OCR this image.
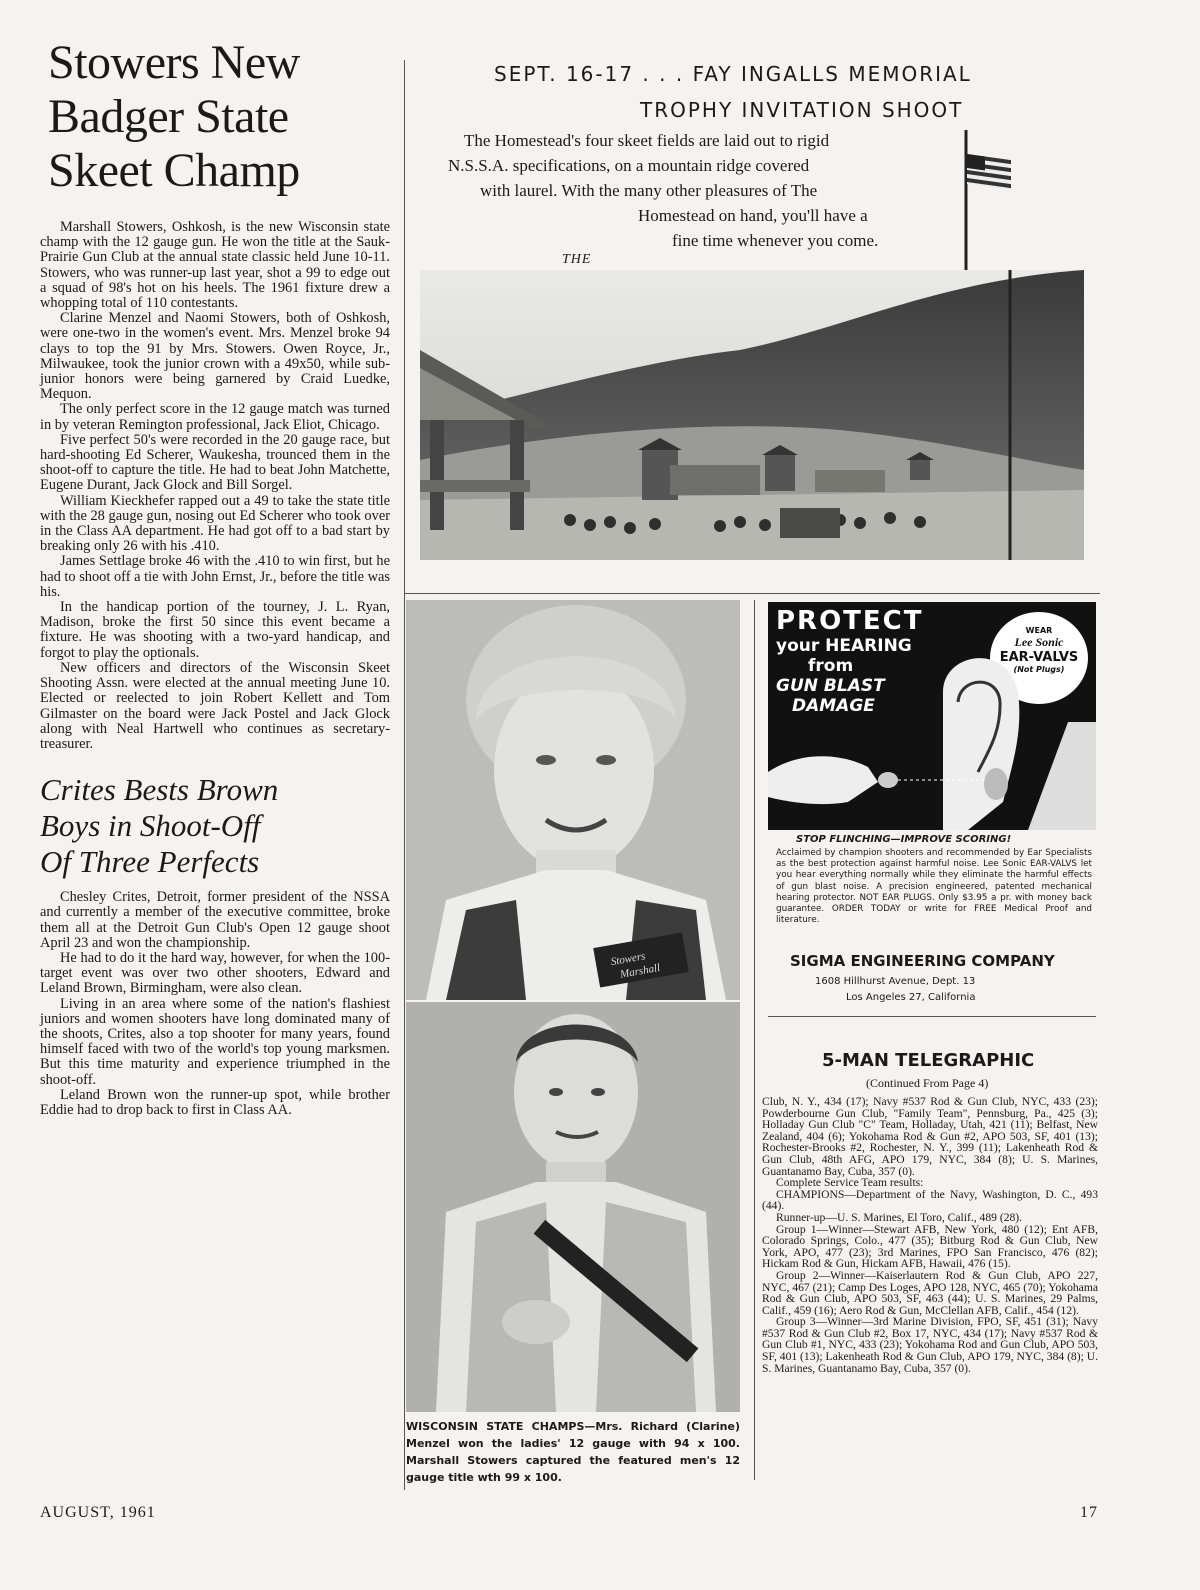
Stowers New
Badger State
Skeet Champ

Marshall Stowers, Oshkosh, is the new Wisconsin state champ with the 12 gauge gun. He won the title at the Sauk-Prairie Gun Club at the annual state classic held June 10-11. Stowers, who was runner-up last year, shot a 99 to edge out a squad of 98's hot on his heels. The 1961 fixture drew a whopping total of 110 contestants.

Clarine Menzel and Naomi Stowers, both of Oshkosh, were one-two in the women's event. Mrs. Menzel broke 94 clays to top the 91 by Mrs. Stowers. Owen Royce, Jr., Milwaukee, took the junior crown with a 49x50, while sub-junior honors were being garnered by Craid Luedke, Mequon.

The only perfect score in the 12 gauge match was turned in by veteran Remington professional, Jack Eliot, Chicago.

Five perfect 50's were recorded in the 20 gauge race, but hard-shooting Ed Scherer, Waukesha, trounced them in the shoot-off to capture the title. He had to beat John Matchette, Eugene Durant, Jack Glock and Bill Sorgel.

William Kieckhefer rapped out a 49 to take the state title with the 28 gauge gun, nosing out Ed Scherer who took over in the Class AA department. He had got off to a bad start by breaking only 26 with his .410.

James Settlage broke 46 with the .410 to win first, but he had to shoot off a tie with John Ernst, Jr., before the title was his.

In the handicap portion of the tourney, J. L. Ryan, Madison, broke the first 50 since this event became a fixture. He was shooting with a two-yard handicap, and forgot to play the optionals.

New officers and directors of the Wisconsin Skeet Shooting Assn. were elected at the annual meeting June 10. Elected or reelected to join Robert Kellett and Tom Gilmaster on the board were Jack Postel and Jack Glock along with Neal Hartwell who continues as secretary-treasurer.

Crites Bests Brown
Boys in Shoot-Off
Of Three Perfects

Chesley Crites, Detroit, former president of the NSSA and currently a member of the executive committee, broke them all at the Detroit Gun Club's Open 12 gauge shoot April 23 and won the championship.

He had to do it the hard way, however, for when the 100-target event was over two other shooters, Edward and Leland Brown, Birmingham, were also clean.

Living in an area where some of the nation's flashiest juniors and women shooters have long dominated many of the shoots, Crites, also a top shooter for many years, found himself faced with two of the world's top young marksmen. But this time maturity and experience triumphed in the shoot-off.

Leland Brown won the runner-up spot, while brother Eddie had to drop back to first in Class AA.

SEPT. 16-17 . . . FAY INGALLS MEMORIAL
TROPHY INVITATION SHOOT
The Homestead's four skeet fields are laid out to rigid
N.S.S.A. specifications, on a mountain ridge covered
with laurel. With the many other pleasures of The
Homestead on hand, you'll have a
fine time whenever you come.
THE
Stowers
Marshall
WISCONSIN STATE CHAMPS—Mrs. Richard (Clarine) Menzel won the ladies' 12 gauge with 94 x 100. Marshall Stowers captured the featured men's 12 gauge title wth 99 x 100.
PROTECT
your HEARING
from
GUN BLAST
DAMAGE
WEAR
Lee Sonic
EAR-VALVS
(Not Plugs)
STOP FLINCHING—IMPROVE SCORING!
Acclaimed by champion shooters and recommended by Ear Specialists as the best protection against harmful noise. Lee Sonic EAR-VALVS let you hear everything normally while they eliminate the harmful effects of gun blast noise. A precision engineered, patented mechanical hearing protector. NOT EAR PLUGS. Only $3.95 a pr. with money back guarantee. ORDER TODAY or write for FREE Medical Proof and literature.
SIGMA ENGINEERING COMPANY
1608 Hillhurst Avenue, Dept. 13
Los Angeles 27, California
5-MAN TELEGRAPHIC
(Continued From Page 4)

Club, N. Y., 434 (17); Navy #537 Rod & Gun Club, NYC, 433 (23); Powderbourne Gun Club, "Family Team", Pennsburg, Pa., 425 (3); Holladay Gun Club "C" Team, Holladay, Utah, 421 (11); Belfast, New Zealand, 404 (6); Yokohama Rod & Gun #2, APO 503, SF, 401 (13); Rochester-Brooks #2, Rochester, N. Y., 399 (11); Lakenheath Rod & Gun Club, 48th AFG, APO 179, NYC, 384 (8); U. S. Marines, Guantanamo Bay, Cuba, 357 (0).

Complete Service Team results:

CHAMPIONS—Department of the Navy, Washington, D. C., 493 (44).

Runner-up—U. S. Marines, El Toro, Calif., 489 (28).

Group 1—Winner—Stewart AFB, New York, 480 (12); Ent AFB, Colorado Springs, Colo., 477 (35); Bitburg Rod & Gun Club, New York, APO, 477 (23); 3rd Marines, FPO San Francisco, 476 (82); Hickam Rod & Gun, Hickam AFB, Hawaii, 476 (15).

Group 2—Winner—Kaiserlautern Rod & Gun Club, APO 227, NYC, 467 (21); Camp Des Loges, APO 128, NYC, 465 (70); Yokohama Rod & Gun Club, APO 503, SF, 463 (44); U. S. Marines, 29 Palms, Calif., 459 (16); Aero Rod & Gun, McClellan AFB, Calif., 454 (12).

Group 3—Winner—3rd Marine Division, FPO, SF, 451 (31); Navy #537 Rod & Gun Club #2, Box 17, NYC, 434 (17); Navy #537 Rod & Gun Club #1, NYC, 433 (23); Yokohama Rod and Gun Club, APO 503, SF, 401 (13); Lakenheath Rod & Gun Club, APO 179, NYC, 384 (8); U. S. Marines, Guantanamo Bay, Cuba, 357 (0).

AUGUST, 1961	17
